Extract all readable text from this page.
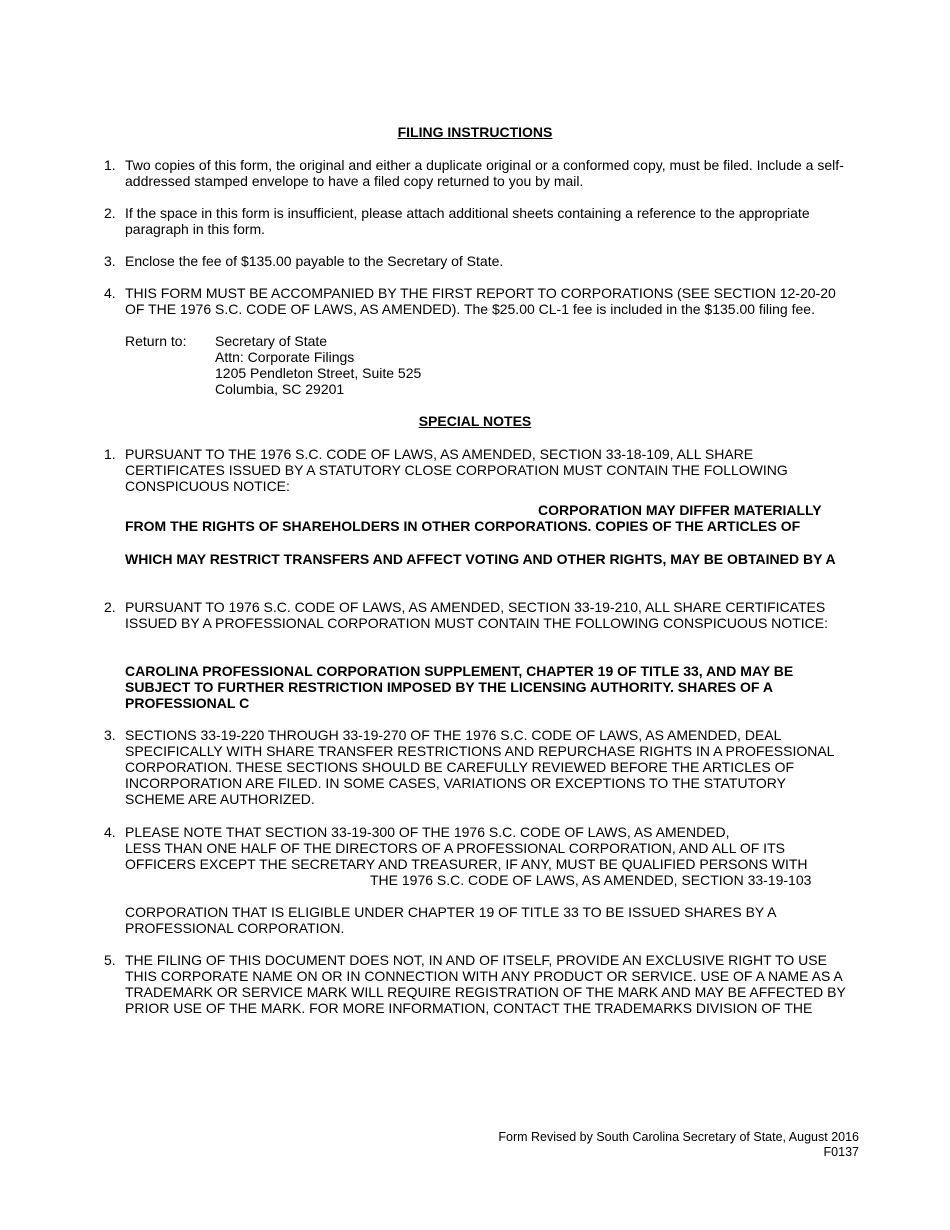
FILING INSTRUCTIONS
1. Two copies of this form, the original and either a duplicate original or a conformed copy, must be filed. Include a self-
addressed stamped envelope to have a filed copy returned to you by mail.
2. If the space in this form is insufficient, please attach additional sheets containing a reference to the appropriate
paragraph in this form.
3. Enclose the fee of $135.00 payable to the Secretary of State.
4. THIS FORM MUST BE ACCOMPANIED BY THE FIRST REPORT TO CORPORATIONS (SEE SECTION 12-20-20
OF THE 1976 S.C. CODE OF LAWS, AS AMENDED). The $25.00 CL-1 fee is included in the $135.00 filing fee.
Return to: Secretary of State
Attn: Corporate Filings
1205 Pendleton Street, Suite 525
Columbia, SC 29201
SPECIAL NOTES
1. PURSUANT TO THE 1976 S.C. CODE OF LAWS, AS AMENDED, SECTION 33-18-109, ALL SHARE
CERTIFICATES ISSUED BY A STATUTORY CLOSE CORPORATION MUST CONTAIN THE FOLLOWING
CONSPICUOUS NOTICE:
CORPORATION MAY DIFFER MATERIALLY
FROM THE RIGHTS OF SHAREHOLDERS IN OTHER CORPORATIONS. COPIES OF THE ARTICLES OF
WHICH MAY RESTRICT TRANSFERS AND AFFECT VOTING AND OTHER RIGHTS, MAY BE OBTAINED BY A
2. PURSUANT TO 1976 S.C. CODE OF LAWS, AS AMENDED, SECTION 33-19-210, ALL SHARE CERTIFICATES
ISSUED BY A PROFESSIONAL CORPORATION MUST CONTAIN THE FOLLOWING CONSPICUOUS NOTICE:
CAROLINA PROFESSIONAL CORPORATION SUPPLEMENT, CHAPTER 19 OF TITLE 33, AND MAY BE
SUBJECT TO FURTHER RESTRICTION IMPOSED BY THE LICENSING AUTHORITY. SHARES OF A
PROFESSIONAL C
3. SECTIONS 33-19-220 THROUGH 33-19-270 OF THE 1976 S.C. CODE OF LAWS, AS AMENDED, DEAL
SPECIFICALLY WITH SHARE TRANSFER RESTRICTIONS AND REPURCHASE RIGHTS IN A PROFESSIONAL
CORPORATION. THESE SECTIONS SHOULD BE CAREFULLY REVIEWED BEFORE THE ARTICLES OF
INCORPORATION ARE FILED. IN SOME CASES, VARIATIONS OR EXCEPTIONS TO THE STATUTORY
SCHEME ARE AUTHORIZED.
4. PLEASE NOTE THAT SECTION 33-19-300 OF THE 1976 S.C. CODE OF LAWS, AS AMENDED,
LESS THAN ONE HALF OF THE DIRECTORS OF A PROFESSIONAL CORPORATION, AND ALL OF ITS
OFFICERS EXCEPT THE SECRETARY AND TREASURER, IF ANY, MUST BE QUALIFIED PERSONS WITH
THE 1976 S.C. CODE OF LAWS, AS AMENDED, SECTION 33-19-103
CORPORATION THAT IS ELIGIBLE UNDER CHAPTER 19 OF TITLE 33 TO BE ISSUED SHARES BY A
PROFESSIONAL CORPORATION.
5. THE FILING OF THIS DOCUMENT DOES NOT, IN AND OF ITSELF, PROVIDE AN EXCLUSIVE RIGHT TO USE
THIS CORPORATE NAME ON OR IN CONNECTION WITH ANY PRODUCT OR SERVICE. USE OF A NAME AS A
TRADEMARK OR SERVICE MARK WILL REQUIRE REGISTRATION OF THE MARK AND MAY BE AFFECTED BY
PRIOR USE OF THE MARK. FOR MORE INFORMATION, CONTACT THE TRADEMARKS DIVISION OF THE
Form Revised by South Carolina Secretary of State, August 2016
F0137
